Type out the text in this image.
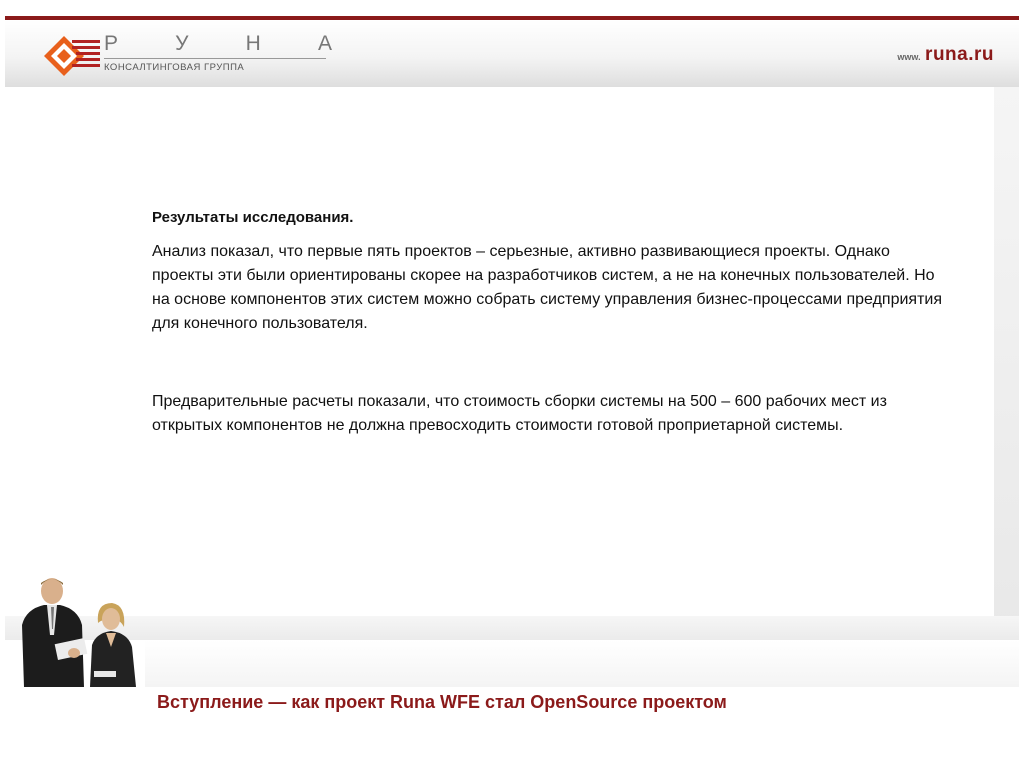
Р	У	Н	А
КОНСАЛТИНГОВАЯ ГРУППА
www. runa.ru

Результаты исследования.

Анализ показал, что первые пять проектов – серьезные, активно развивающиеся проекты. Однако проекты эти были ориентированы скорее на разработчиков систем, а не на конечных пользователей. Но на основе компонентов этих систем можно собрать систему управления бизнес-процессами предприятия для конечного пользователя.

Предварительные расчеты показали, что стоимость сборки системы на 500 – 600 рабочих мест из открытых компонентов не должна превосходить стоимости готовой проприетарной системы.

Вступление — как проект Runa WFE стал OpenSource проектом
